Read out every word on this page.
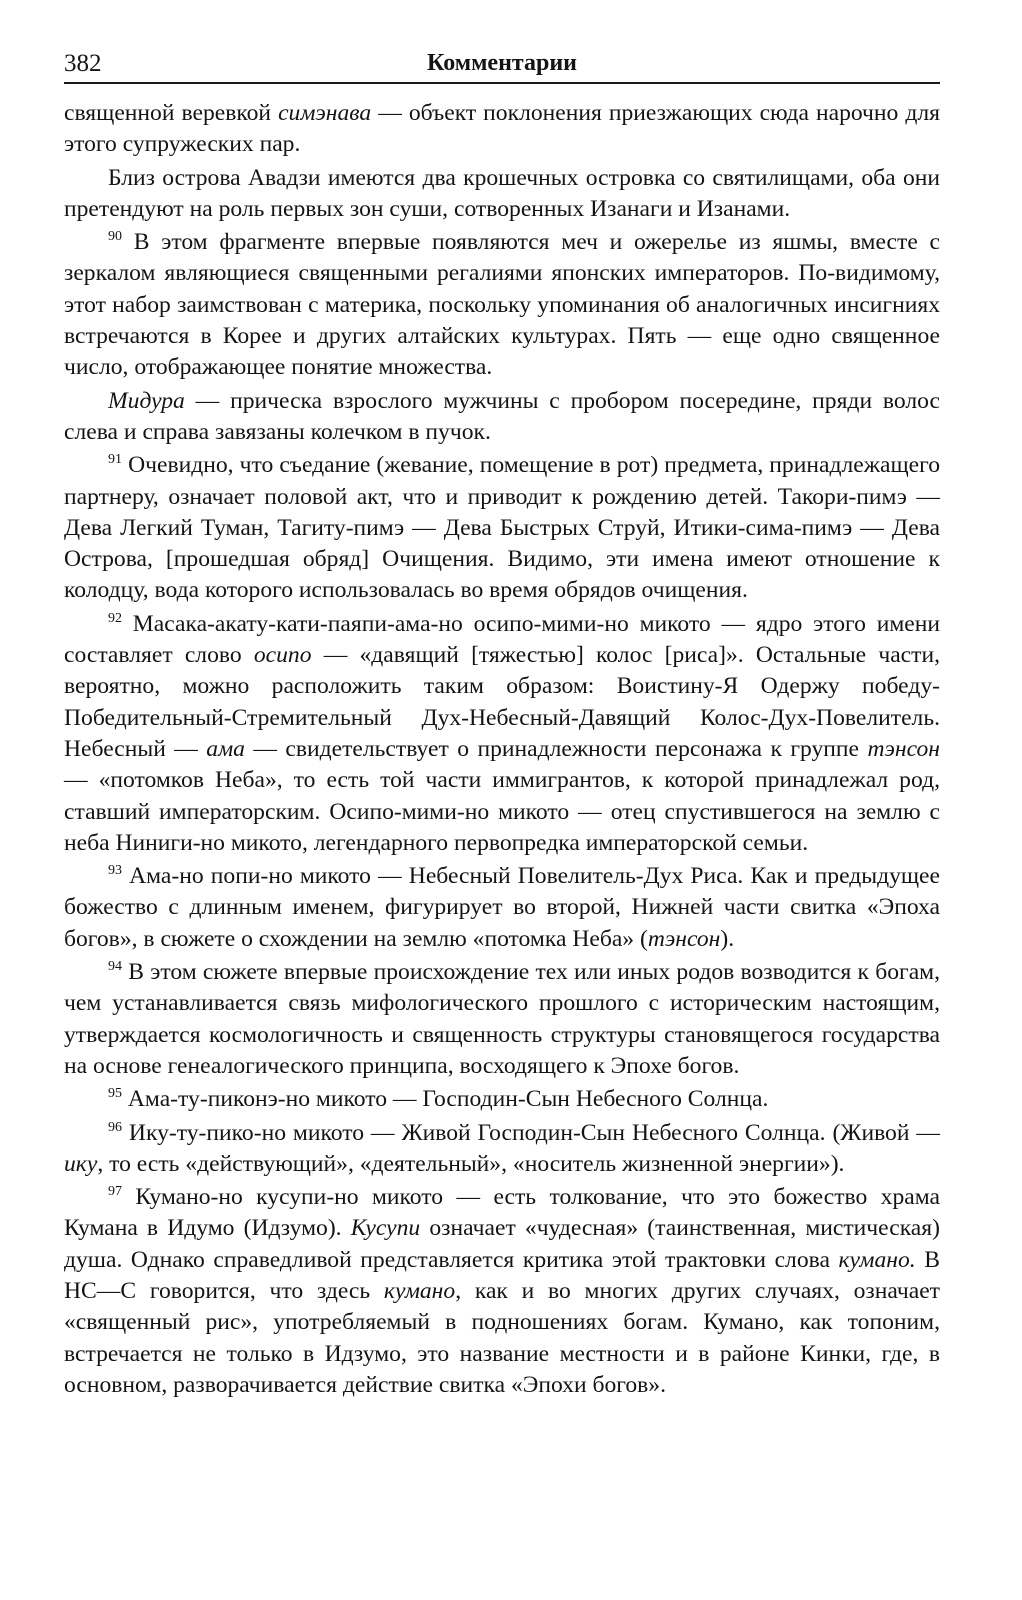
382	Комментарии

священной веревкой симэнава — объект поклонения приезжающих сюда нарочно для этого супружеских пар.

Близ острова Авадзи имеются два крошечных островка со святилищами, оба они претендуют на роль первых зон суши, сотворенных Изанаги и Изанами.

$^{90}$ В этом фрагменте впервые появляются меч и ожерелье из яшмы, вместе с зеркалом являющиеся священными регалиями японских императоров. По-видимому, этот набор заимствован с материка, поскольку упоминания об аналогичных инсигниях встречаются в Корее и других алтайских культурах. Пять — еще одно священное число, отображающее понятие множества.

Мидура — прическа взрослого мужчины с пробором посередине, пряди волос слева и справа завязаны колечком в пучок.

$^{91}$ Очевидно, что съедание (жевание, помещение в рот) предмета, принадлежащего партнеру, означает половой акт, что и приводит к рождению детей. Такори-пимэ — Дева Легкий Туман, Тагиту-пимэ — Дева Быстрых Струй, Итики-сима-пимэ — Дева Острова, [прошедшая обряд] Очищения. Видимо, эти имена имеют отношение к колодцу, вода которого использовалась во время обрядов очищения.

$^{92}$ Масака-акату-кати-паяпи-ама-но осипо-мими-но микото — ядро этого имени составляет слово осипо — «давящий [тяжестью] колос [риса]». Остальные части, вероятно, можно расположить таким образом: Воистину-Я Одержу победу-Победительный-Стремительный Дух-Небесный-Давящий Колос-Дух-Повелитель. Небесный — ама — свидетельствует о принадлежности персонажа к группе тэнсон — «потомков Неба», то есть той части иммигрантов, к которой принадлежал род, ставший императорским. Осипо-мими-но микото — отец спустившегося на землю с неба Ниниги-но микото, легендарного первопредка императорской семьи.

$^{93}$ Ама-но попи-но микото — Небесный Повелитель-Дух Риса. Как и предыдущее божество с длинным именем, фигурирует во второй, Нижней части свитка «Эпоха богов», в сюжете о схождении на землю «потомка Неба» (тэнсон).

$^{94}$ В этом сюжете впервые происхождение тех или иных родов возводится к богам, чем устанавливается связь мифологического прошлого с историческим настоящим, утверждается космологичность и священность структуры становящегося государства на основе генеалогического принципа, восходящего к Эпохе богов.

$^{95}$ Ама-ту-пиконэ-но микото — Господин-Сын Небесного Солнца.

$^{96}$ Ику-ту-пико-но микото — Живой Господин-Сын Небесного Солнца. (Живой — ику, то есть «действующий», «деятельный», «носитель жизненной энергии»).

$^{97}$ Кумано-но кусупи-но микото — есть толкование, что это божество храма Кумана в Идумо (Идзумо). Кусупи означает «чудесная» (таинственная, мистическая) душа. Однако справедливой представляется критика этой трактовки слова кумано. В НС—С говорится, что здесь кумано, как и во многих других случаях, означает «священный рис», употребляемый в подношениях богам. Кумано, как топоним, встречается не только в Идзумо, это название местности и в районе Кинки, где, в основном, разворачивается действие свитка «Эпохи богов».
